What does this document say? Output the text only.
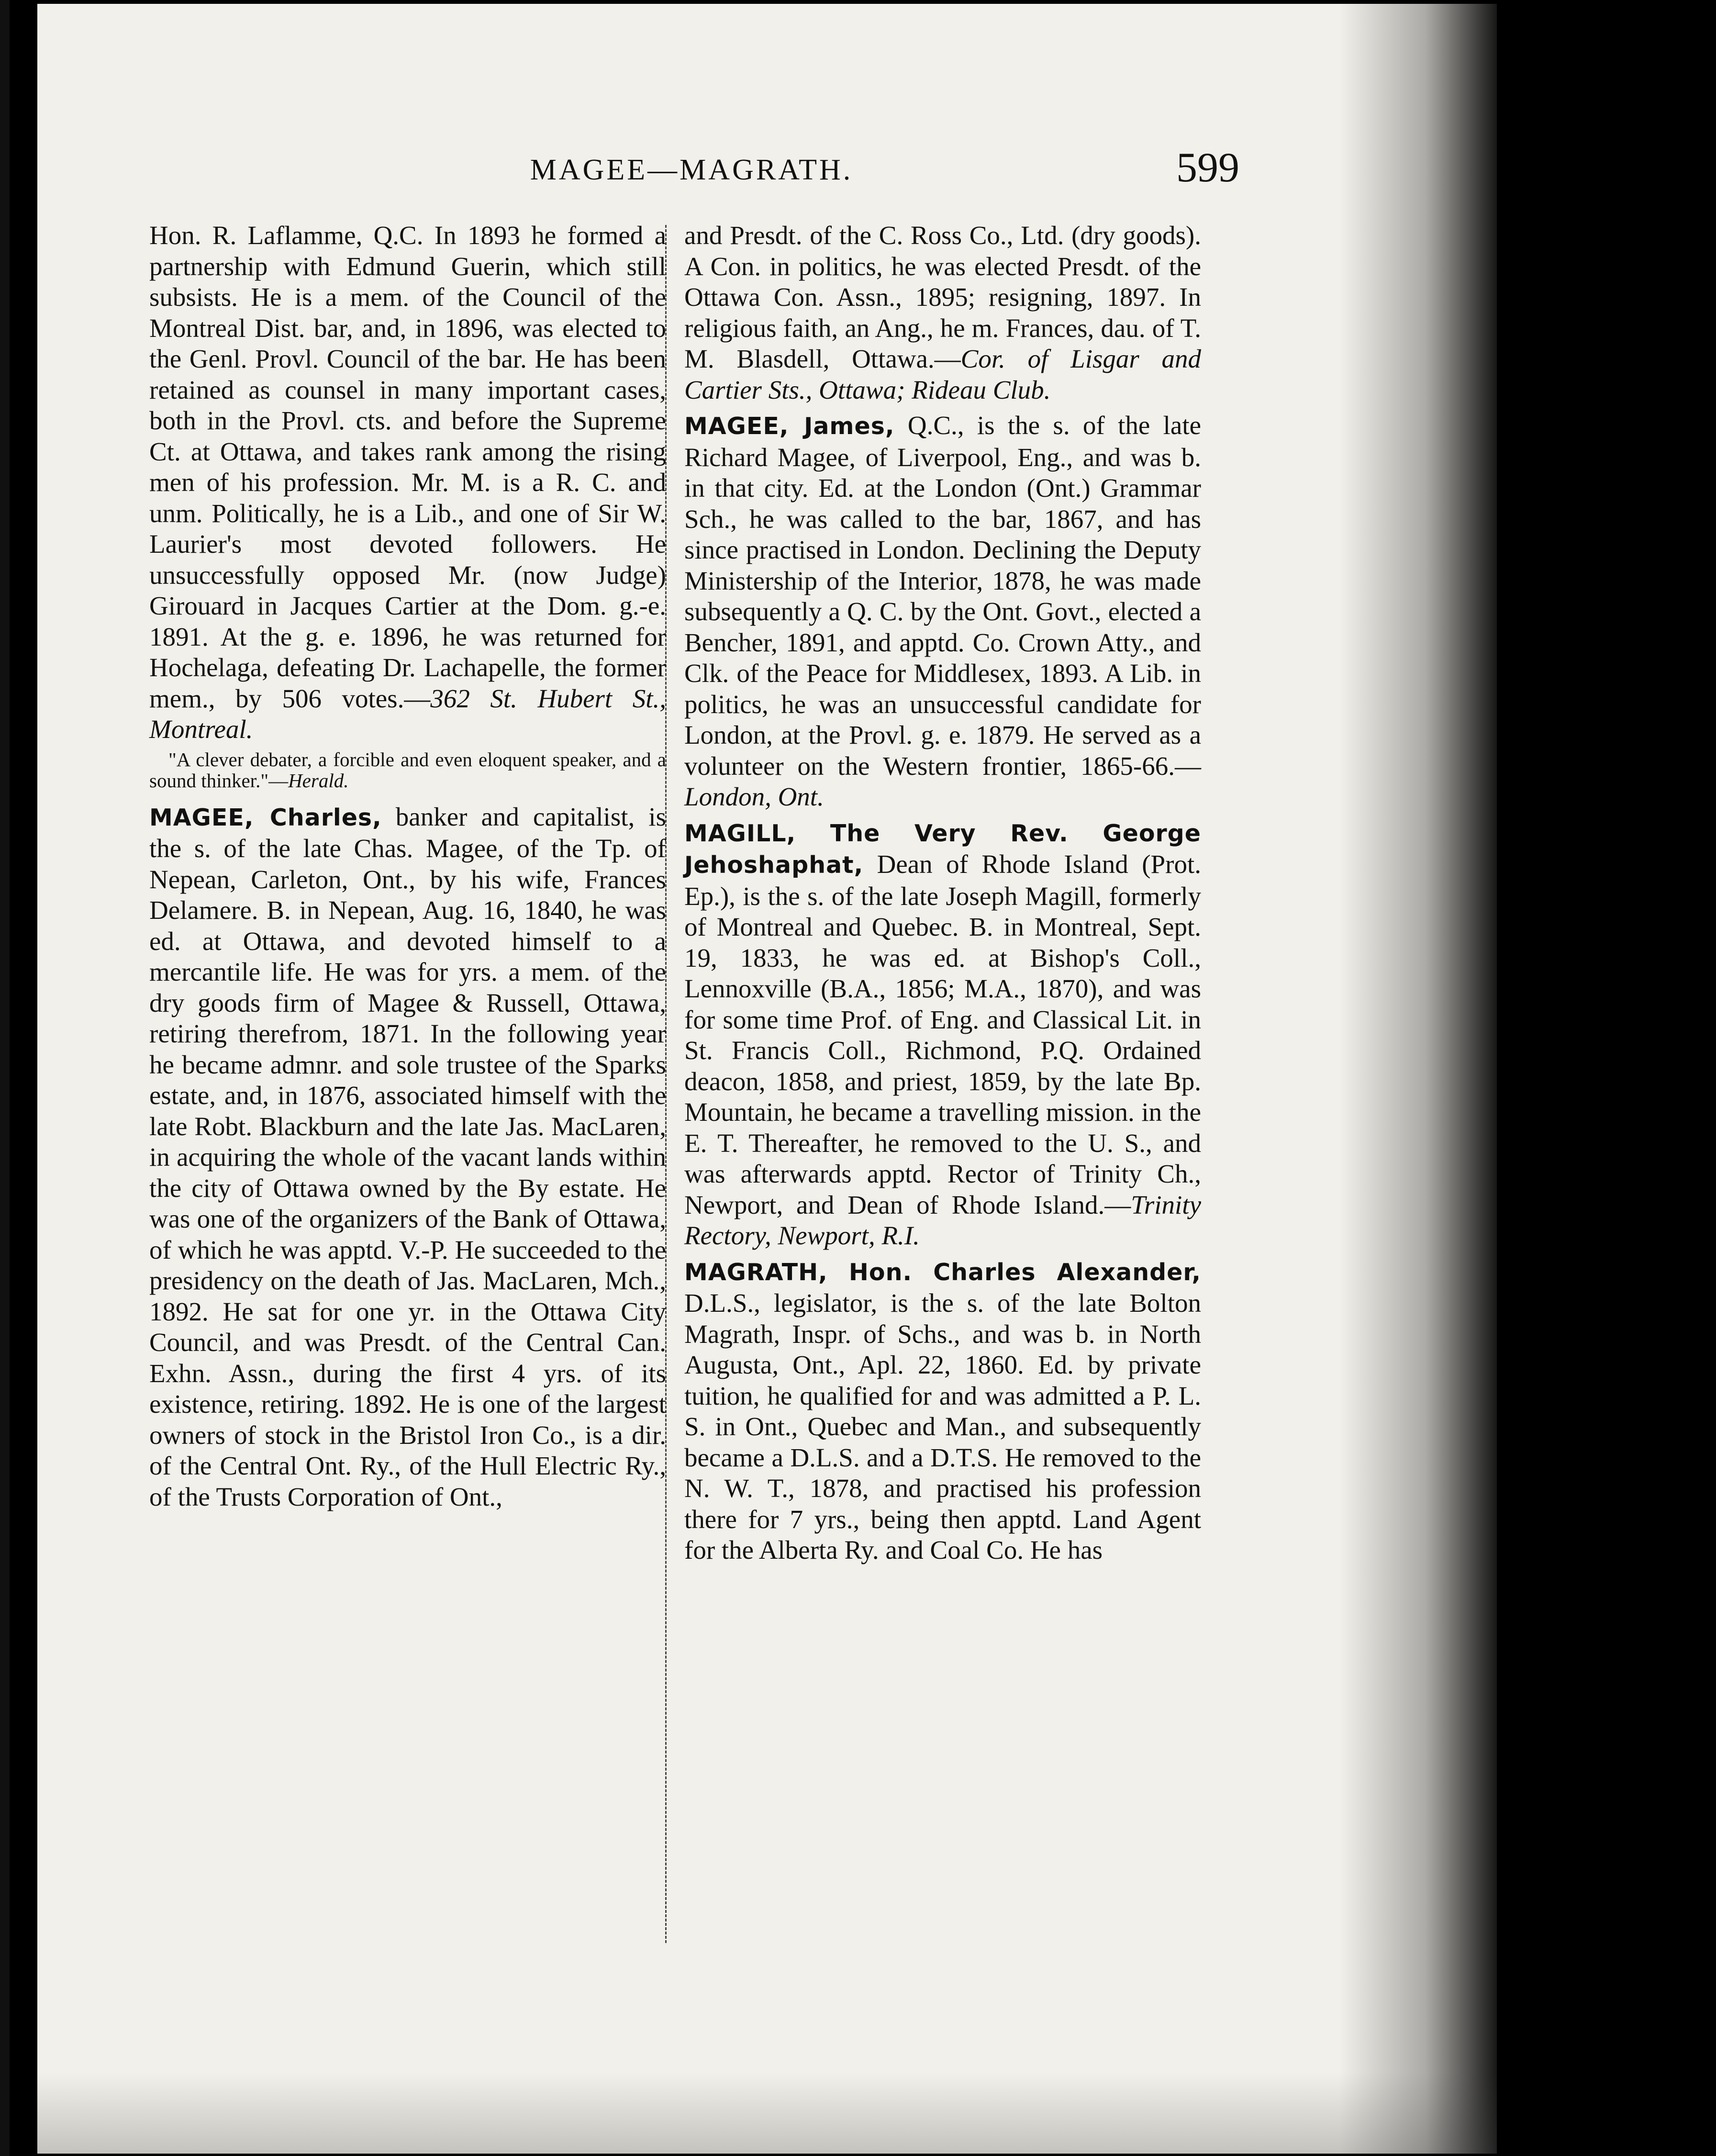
MAGEE—MAGRATH.	599

Hon. R. Laflamme, Q.C. In 1893 he formed a partnership with Edmund Guerin, which still subsists. He is a mem. of the Council of the Montreal Dist. bar, and, in 1896, was elected to the Genl. Provl. Council of the bar. He has been retained as counsel in many important cases, both in the Provl. cts. and before the Supreme Ct. at Ottawa, and takes rank among the rising men of his profession. Mr. M. is a R. C. and unm. Politically, he is a Lib., and one of Sir W. Laurier's most devoted followers. He unsuccessfully opposed Mr. (now Judge) Girouard in Jacques Cartier at the Dom. g.-e. 1891. At the g. e. 1896, he was returned for Hochelaga, defeating Dr. Lachapelle, the former mem., by 506 votes.—362 St. Hubert St., Montreal.

"A clever debater, a forcible and even eloquent speaker, and a sound thinker."—Herald.

MAGEE, Charles, banker and capitalist, is the s. of the late Chas. Magee, of the Tp. of Nepean, Carleton, Ont., by his wife, Frances Delamere. B. in Nepean, Aug. 16, 1840, he was ed. at Ottawa, and devoted himself to a mercantile life. He was for yrs. a mem. of the dry goods firm of Magee & Russell, Ottawa, retiring therefrom, 1871. In the following year he became admnr. and sole trustee of the Sparks estate, and, in 1876, associated himself with the late Robt. Blackburn and the late Jas. MacLaren, in acquiring the whole of the vacant lands within the city of Ottawa owned by the By estate. He was one of the organizers of the Bank of Ottawa, of which he was apptd. V.-P. He succeeded to the presidency on the death of Jas. MacLaren, Mch., 1892. He sat for one yr. in the Ottawa City Council, and was Presdt. of the Central Can. Exhn. Assn., during the first 4 yrs. of its existence, retiring. 1892. He is one of the largest owners of stock in the Bristol Iron Co., is a dir. of the Central Ont. Ry., of the Hull Electric Ry., of the Trusts Corporation of Ont.,

and Presdt. of the C. Ross Co., Ltd. (dry goods). A Con. in politics, he was elected Presdt. of the Ottawa Con. Assn., 1895; resigning, 1897. In religious faith, an Ang., he m. Frances, dau. of T. M. Blasdell, Ottawa.—Cor. of Lisgar and Cartier Sts., Ottawa; Rideau Club.

MAGEE, James, Q.C., is the s. of the late Richard Magee, of Liverpool, Eng., and was b. in that city. Ed. at the London (Ont.) Grammar Sch., he was called to the bar, 1867, and has since practised in London. Declining the Deputy Ministership of the Interior, 1878, he was made subsequently a Q. C. by the Ont. Govt., elected a Bencher, 1891, and apptd. Co. Crown Atty., and Clk. of the Peace for Middlesex, 1893. A Lib. in politics, he was an unsuccessful candidate for London, at the Provl. g. e. 1879. He served as a volunteer on the Western frontier, 1865-66.—London, Ont.

MAGILL, The Very Rev. George Jehoshaphat, Dean of Rhode Island (Prot. Ep.), is the s. of the late Joseph Magill, formerly of Montreal and Quebec. B. in Montreal, Sept. 19, 1833, he was ed. at Bishop's Coll., Lennoxville (B.A., 1856; M.A., 1870), and was for some time Prof. of Eng. and Classical Lit. in St. Francis Coll., Richmond, P.Q. Ordained deacon, 1858, and priest, 1859, by the late Bp. Mountain, he became a travelling mission. in the E. T. Thereafter, he removed to the U. S., and was afterwards apptd. Rector of Trinity Ch., Newport, and Dean of Rhode Island.—Trinity Rectory, Newport, R.I.

MAGRATH, Hon. Charles Alexander, D.L.S., legislator, is the s. of the late Bolton Magrath, Inspr. of Schs., and was b. in North Augusta, Ont., Apl. 22, 1860. Ed. by private tuition, he qualified for and was admitted a P. L. S. in Ont., Quebec and Man., and subsequently became a D.L.S. and a D.T.S. He removed to the N. W. T., 1878, and practised his profession there for 7 yrs., being then apptd. Land Agent for the Alberta Ry. and Coal Co. He has
